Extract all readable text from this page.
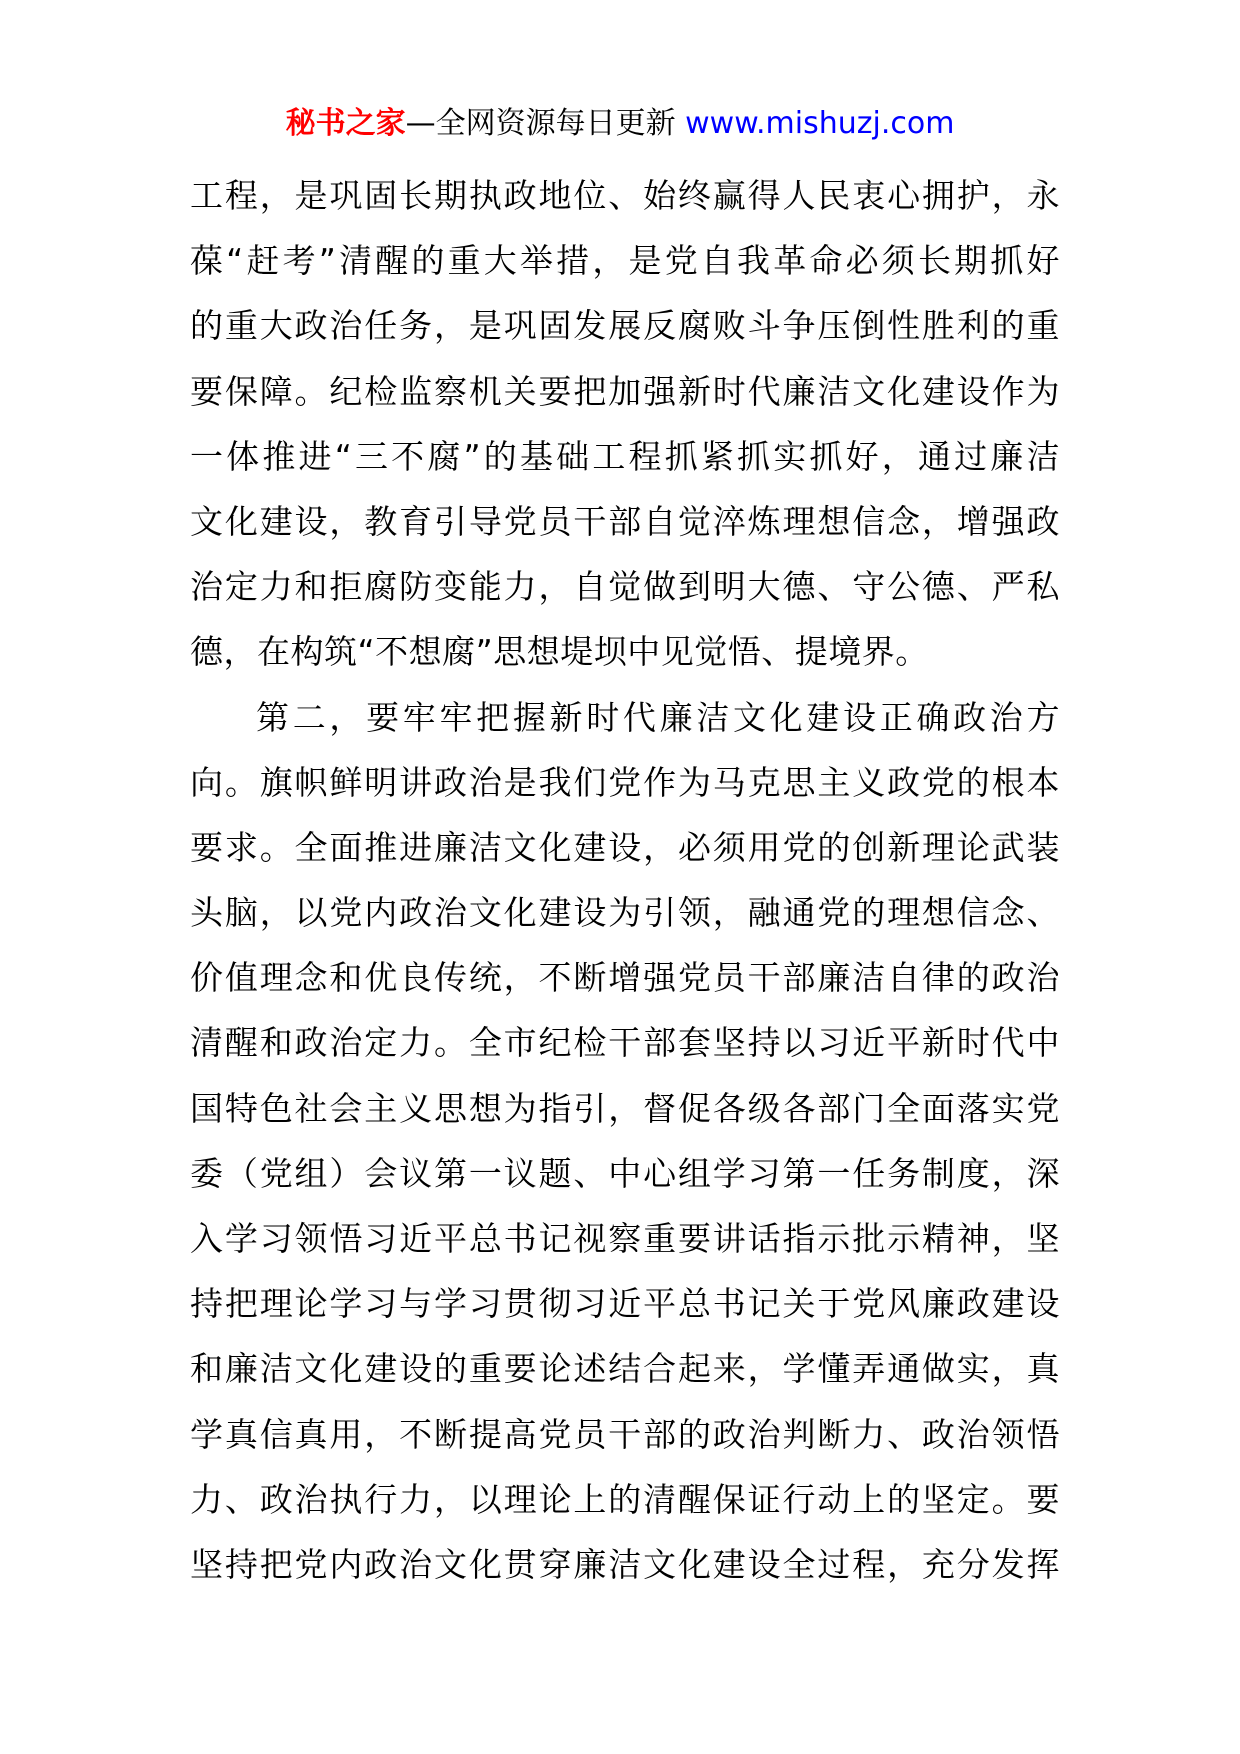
秘书之家—全网资源每日更新 www.mishuzj.com
工程，是巩固长期执政地位、始终赢得人民衷心拥护，永
葆“赶考”清醒的重大举措，是党自我革命必须长期抓好
的重大政治任务，是巩固发展反腐败斗争压倒性胜利的重
要保障。纪检监察机关要把加强新时代廉洁文化建设作为
一体推进“三不腐”的基础工程抓紧抓实抓好，通过廉洁
文化建设，教育引导党员干部自觉淬炼理想信念，增强政
治定力和拒腐防变能力，自觉做到明大德、守公德、严私
德，在构筑“不想腐”思想堤坝中见觉悟、提境界。
第二，要牢牢把握新时代廉洁文化建设正确政治方
向。旗帜鲜明讲政治是我们党作为马克思主义政党的根本
要求。全面推进廉洁文化建设，必须用党的创新理论武装
头脑，以党内政治文化建设为引领，融通党的理想信念、
价值理念和优良传统，不断增强党员干部廉洁自律的政治
清醒和政治定力。全市纪检干部套坚持以习近平新时代中
国特色社会主义思想为指引，督促各级各部门全面落实党
委（党组）会议第一议题、中心组学习第一任务制度，深
入学习领悟习近平总书记视察重要讲话指示批示精神，坚
持把理论学习与学习贯彻习近平总书记关于党风廉政建设
和廉洁文化建设的重要论述结合起来，学懂弄通做实，真
学真信真用，不断提高党员干部的政治判断力、政治领悟
力、政治执行力，以理论上的清醒保证行动上的坚定。要
坚持把党内政治文化贯穿廉洁文化建设全过程，充分发挥
